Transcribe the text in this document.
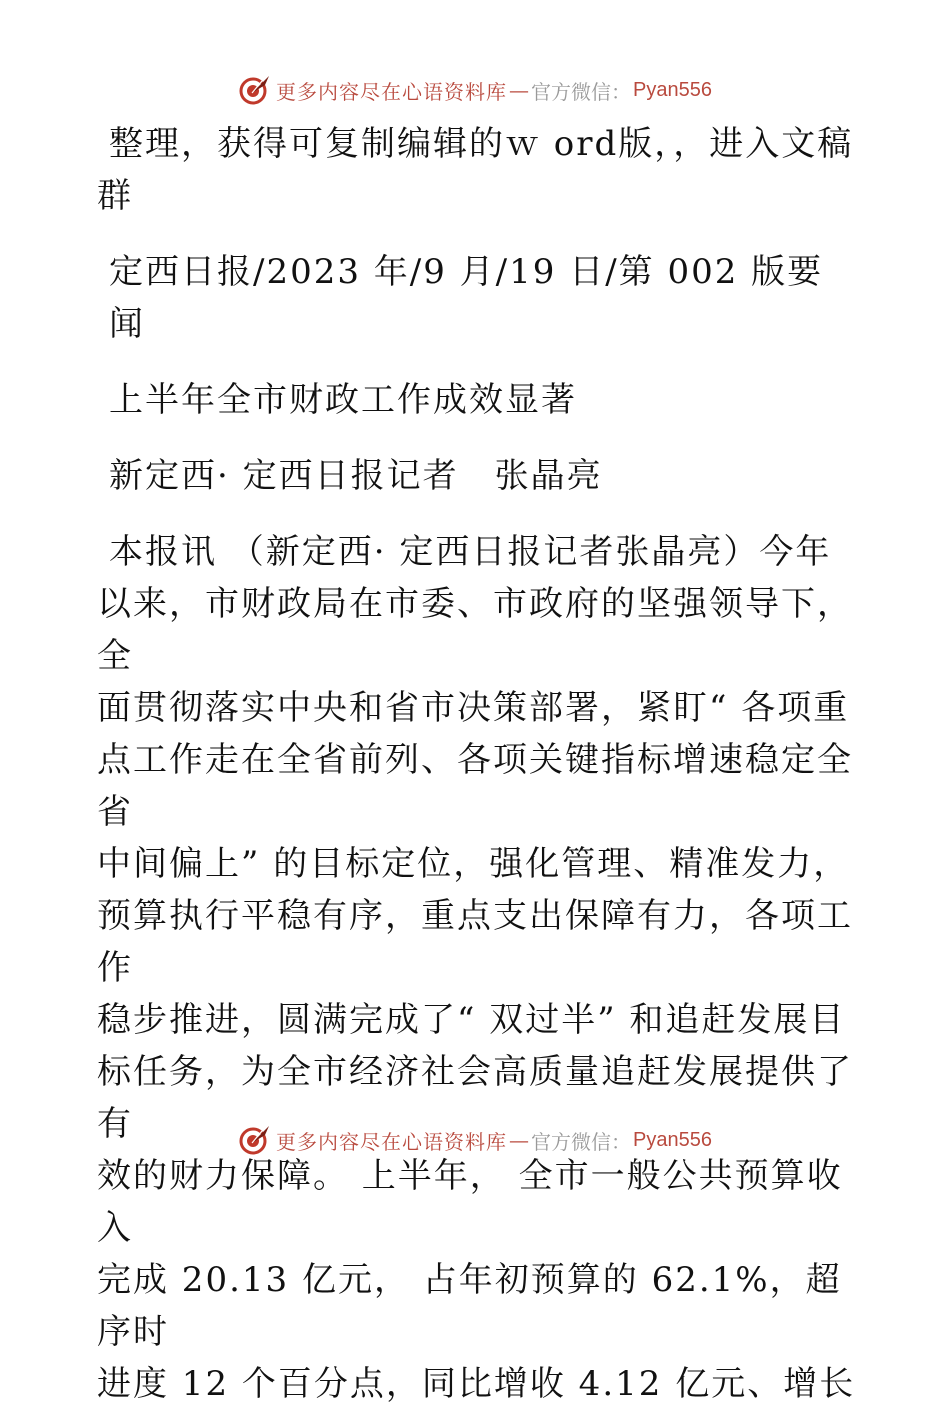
更多内容尽在心语资料库 — 官方微信： Pyan556

整理，获得可复制编辑的ｗ ord版，，进入文稿

群

定西日报/2023 年/9 月/19 日/第 002 版要闻

上半年全市财政工作成效显著

新定西· 定西日报记者　张晶亮

本报讯 （新定西· 定西日报记者张晶亮）今年

以来，市财政局在市委、市政府的坚强领导下，全

面贯彻落实中央和省市决策部署，紧盯“ 各项重

点工作走在全省前列、各项关键指标增速稳定全省

中间偏上” 的目标定位，强化管理、精准发力，

预算执行平稳有序，重点支出保障有力，各项工作

稳步推进，圆满完成了“ 双过半” 和追赶发展目

标任务，为全市经济社会高质量追赶发展提供了有

效的财力保障。 上半年， 全市一般公共预算收入

完成 20.13 亿元， 占年初预算的 62.1%，超序时

进度 12 个百分点，同比增收 4.12 亿元、增长

更多内容尽在心语资料库 — 官方微信： Pyan556
